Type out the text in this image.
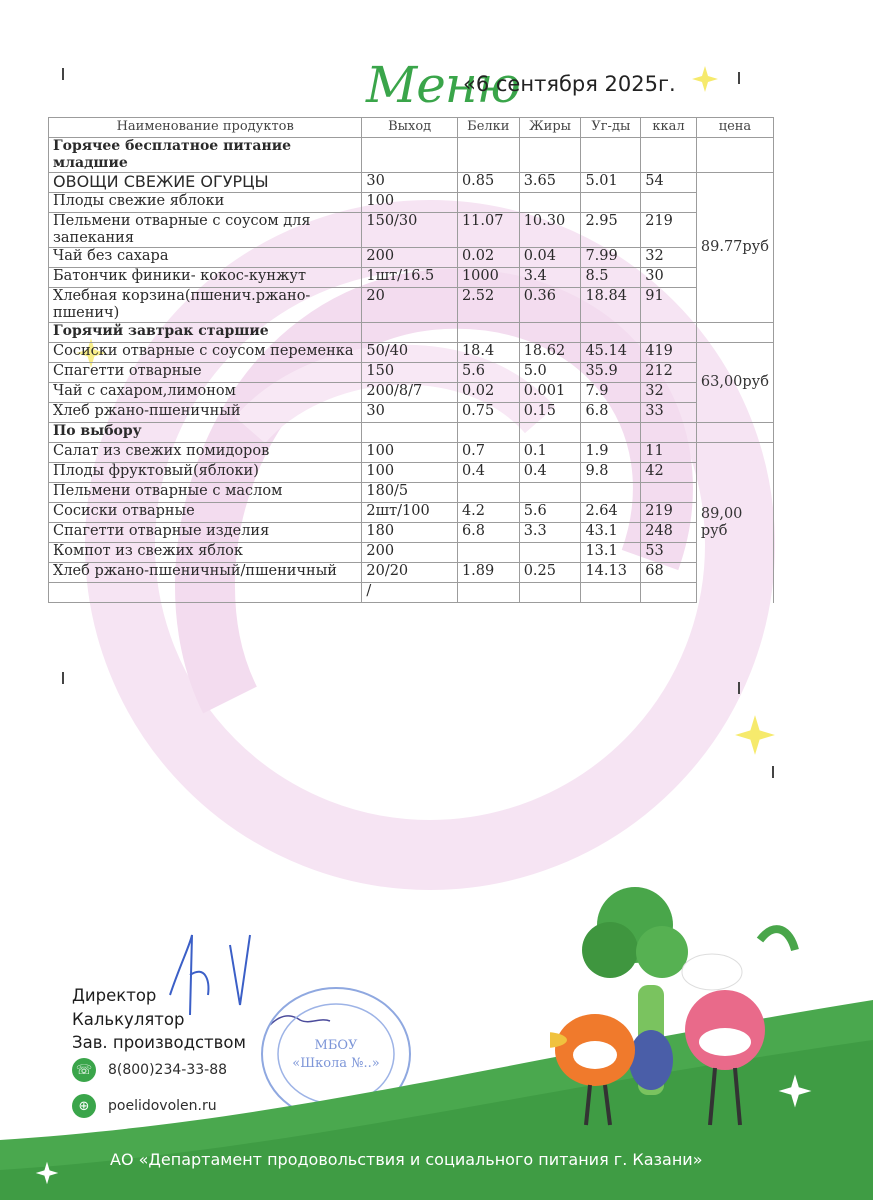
Меню
«6 сентября 2025г.
Наименование продуктов	Выход	Белки	Жиры	Уг-ды	ккал	цена
Горячее бесплатное питание младшие						
ОВОЩИ СВЕЖИЕ ОГУРЦЫ	30	0.85	3.65	5.01	54	89.77руб
Плоды свежие яблоки	100					
Пельмени отварные с соусом для запекания	150/30	11.07	10.30	2.95	219	
Чай без сахара	200	0.02	0.04	7.99	32	
Батончик финики- кокос-кунжут	1шт/16.5	1000	3.4	8.5	30	
Хлебная корзина(пшенич.ржано-пшенич)	20	2.52	0.36	18.84	91	
Горячий завтрак старшие						
Сосиски отварные с соусом переменка	50/40	18.4	18.62	45.14	419	63,00руб
Спагетти отварные	150	5.6	5.0	35.9	212	
Чай с сахаром,лимоном	200/8/7	0.02	0.001	7.9	32	
Хлеб ржано-пшеничный	30	0.75	0.15	6.8	33	
По выбору						
Салат из свежих помидоров	100	0.7	0.1	1.9	11	89,00 руб
Плоды фруктовый(яблоки)	100	0.4	0.4	9.8	42	
Пельмени отварные с маслом	180/5					
Сосиски отварные	2шт/100	4.2	5.6	2.64	219	
Спагетти отварные изделия	180	6.8	3.3	43.1	248	
Компот из свежих яблок	200			13.1	53	
Хлеб ржано-пшеничный/пшеничный	20/20	1.89	0.25	14.13	68	
	/					
Директор
Калькулятор
Зав. производством	МБОУ
«Школа №..»
☏ 8(800)234-33-88
⊕	poelidovolen.ru
АО «Департамент продовольствия и социального питания г. Казани»
